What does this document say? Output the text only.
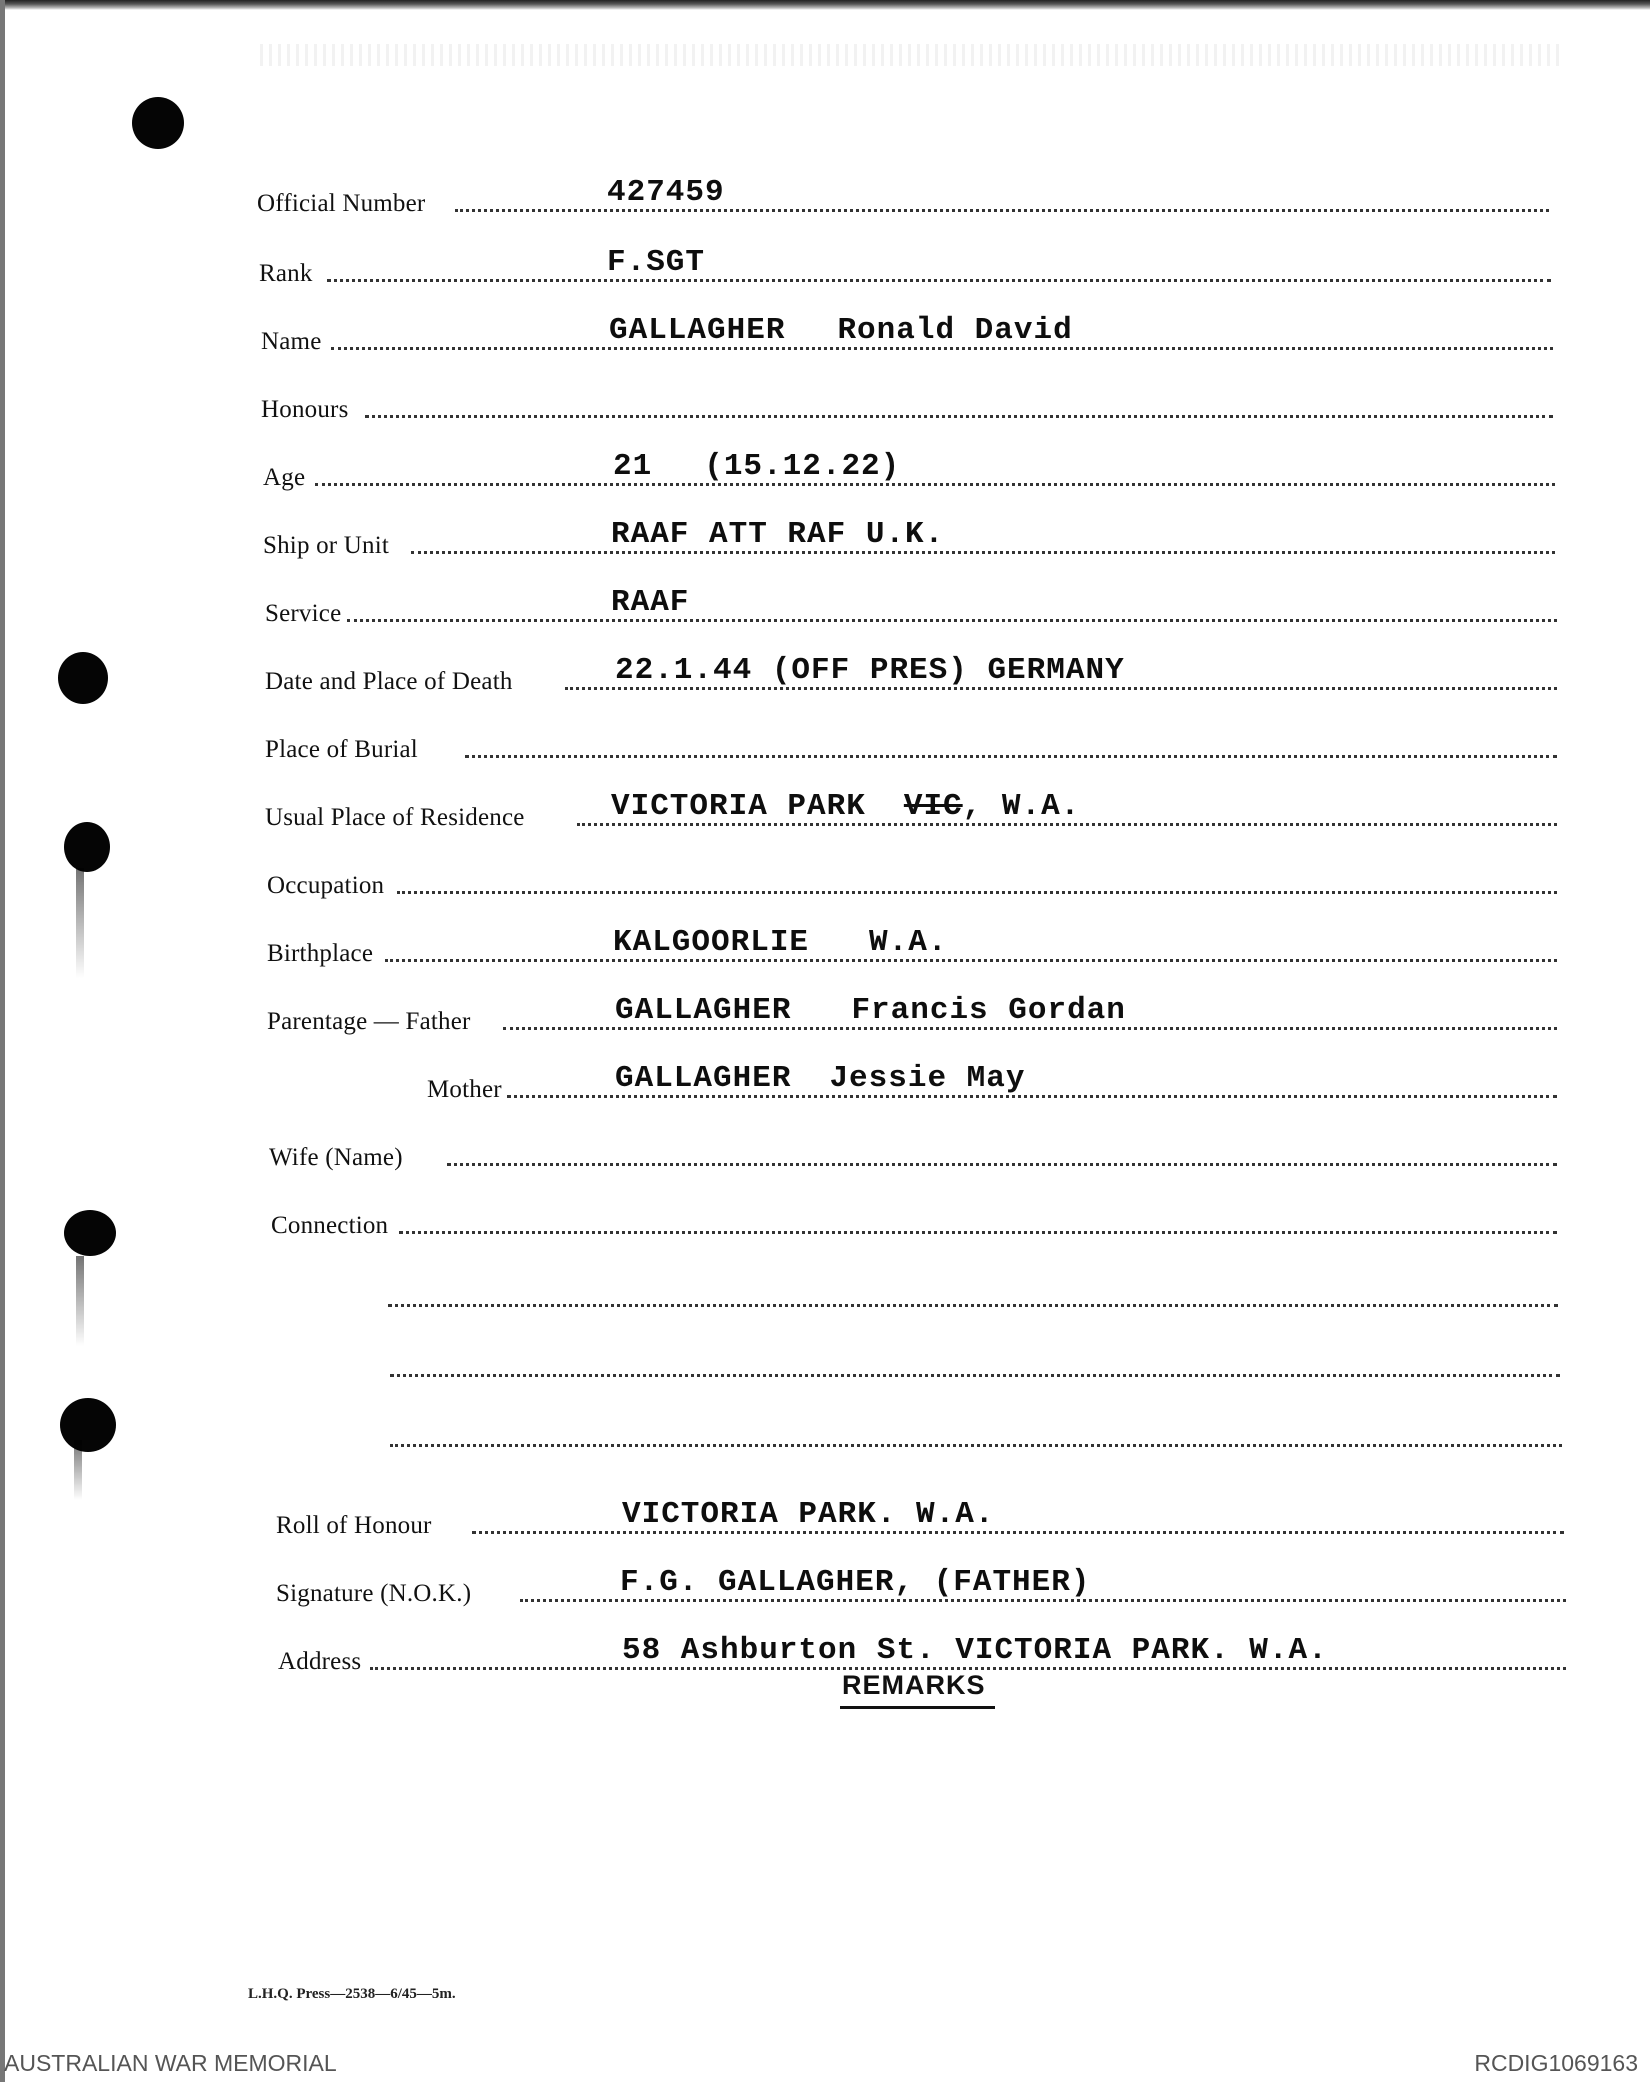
Official Number	427459
Rank	F.SGT
Name	GALLAGHER Ronald David
Honours
Age	21 (15.12.22)
Ship or Unit	RAAF ATT RAF U.K.
Service	RAAF
Date and Place of Death	22.1.44 (OFF PRES) GERMANY
Place of Burial
Usual Place of Residence	VICTORIA PARK VIC, W.A.
Occupation
Birthplace	KALGOORLIE W.A.
Parentage — Father	GALLAGHER Francis Gordan
Mother	GALLAGHER Jessie May
Wife (Name)
Connection
Roll of Honour	VICTORIA PARK. W.A.
Signature (N.O.K.)	F.G. GALLAGHER, (FATHER)
Address	58 Ashburton St. VICTORIA PARK. W.A.
REMARKS
L.H.Q. Press—2538—6/45—5m.
AUSTRALIAN WAR MEMORIAL	RCDIG1069163
